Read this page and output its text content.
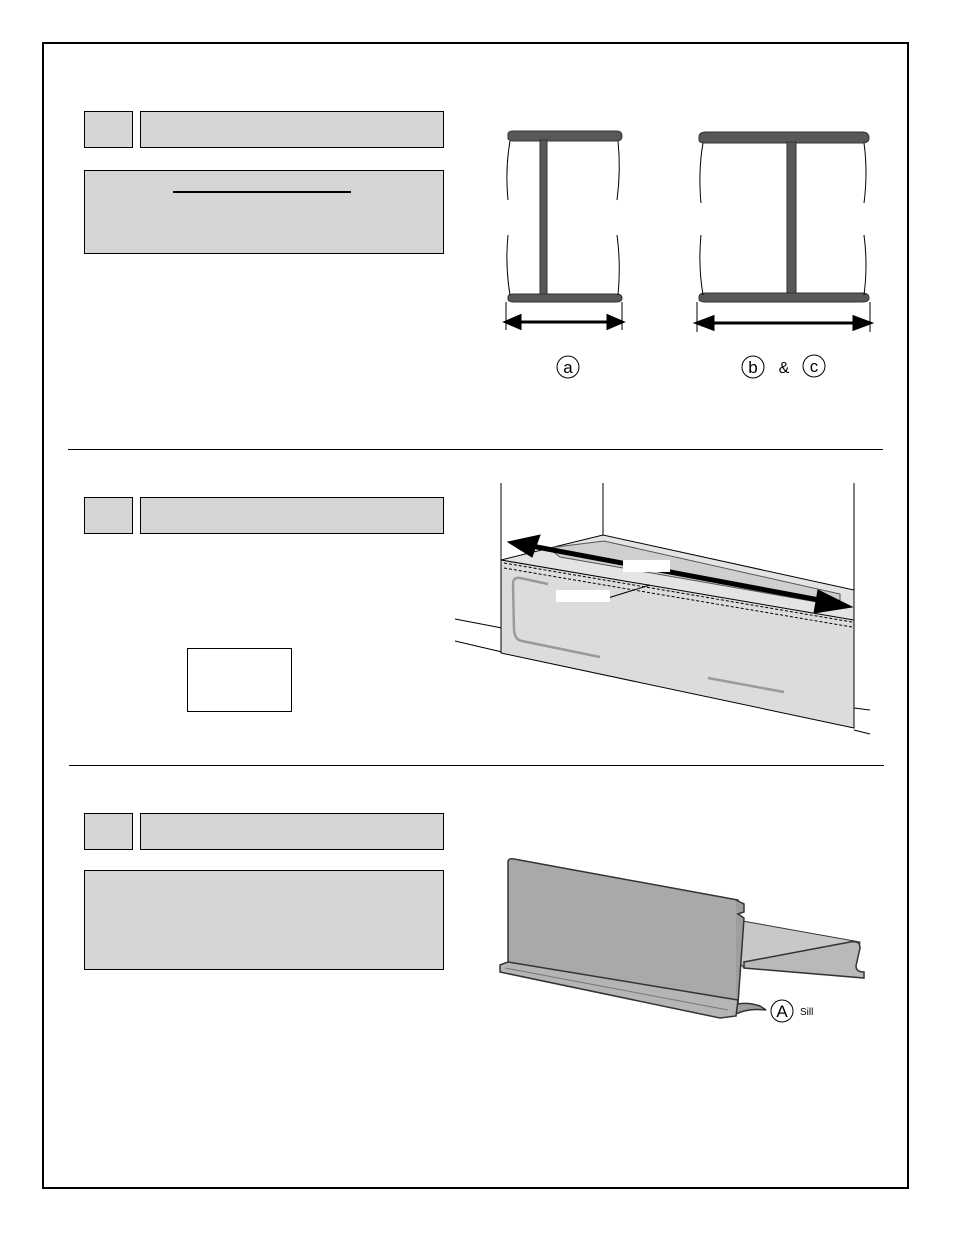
a	b & c
A Sill
